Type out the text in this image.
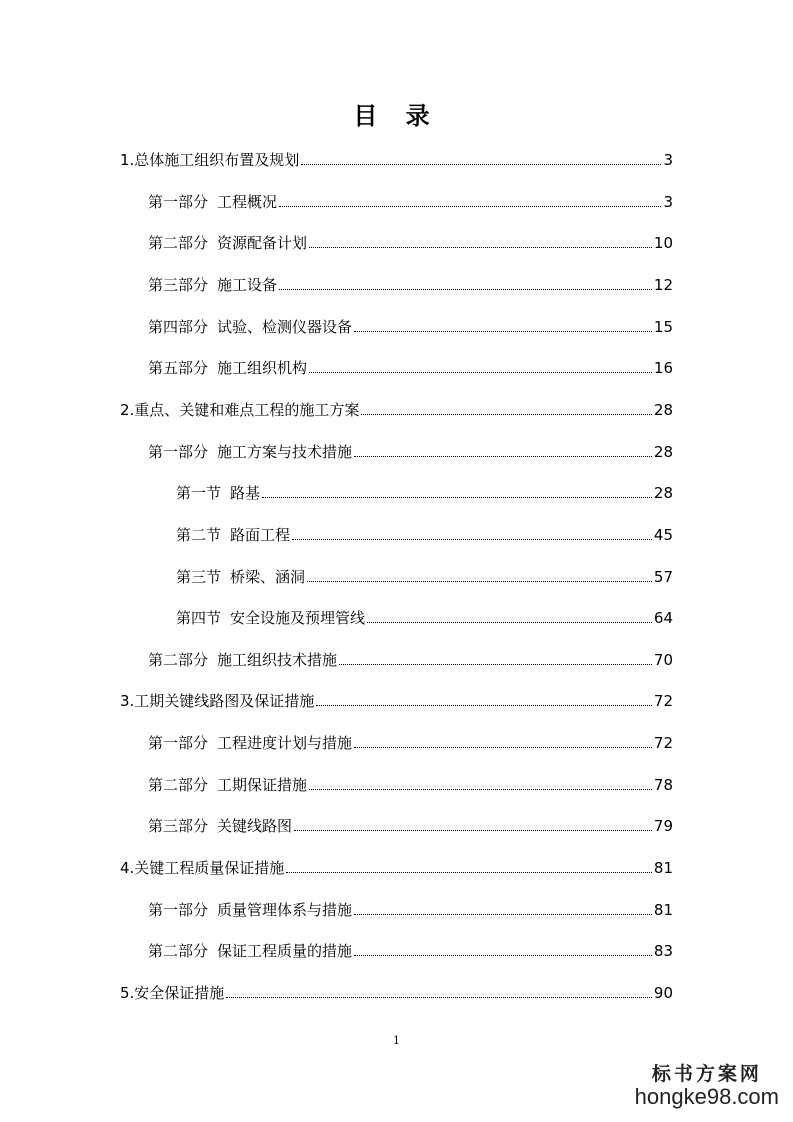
目 录
1.总体施工组织布置及规划	3
第一部分 工程概况	3
第二部分 资源配备计划	10
第三部分 施工设备	12
第四部分 试验、检测仪器设备	15
第五部分 施工组织机构	16
2.重点、关键和难点工程的施工方案	28
第一部分 施工方案与技术措施	28
第一节 路基	28
第二节 路面工程	45
第三节 桥梁、涵洞	57
第四节 安全设施及预埋管线	64
第二部分 施工组织技术措施	70
3.工期关键线路图及保证措施	72
第一部分 工程进度计划与措施	72
第二部分 工期保证措施	78
第三部分 关键线路图	79
4.关键工程质量保证措施	81
第一部分 质量管理体系与措施	81
第二部分 保证工程质量的措施	83
5.安全保证措施	90
1
标书方案网
hongke98.com
